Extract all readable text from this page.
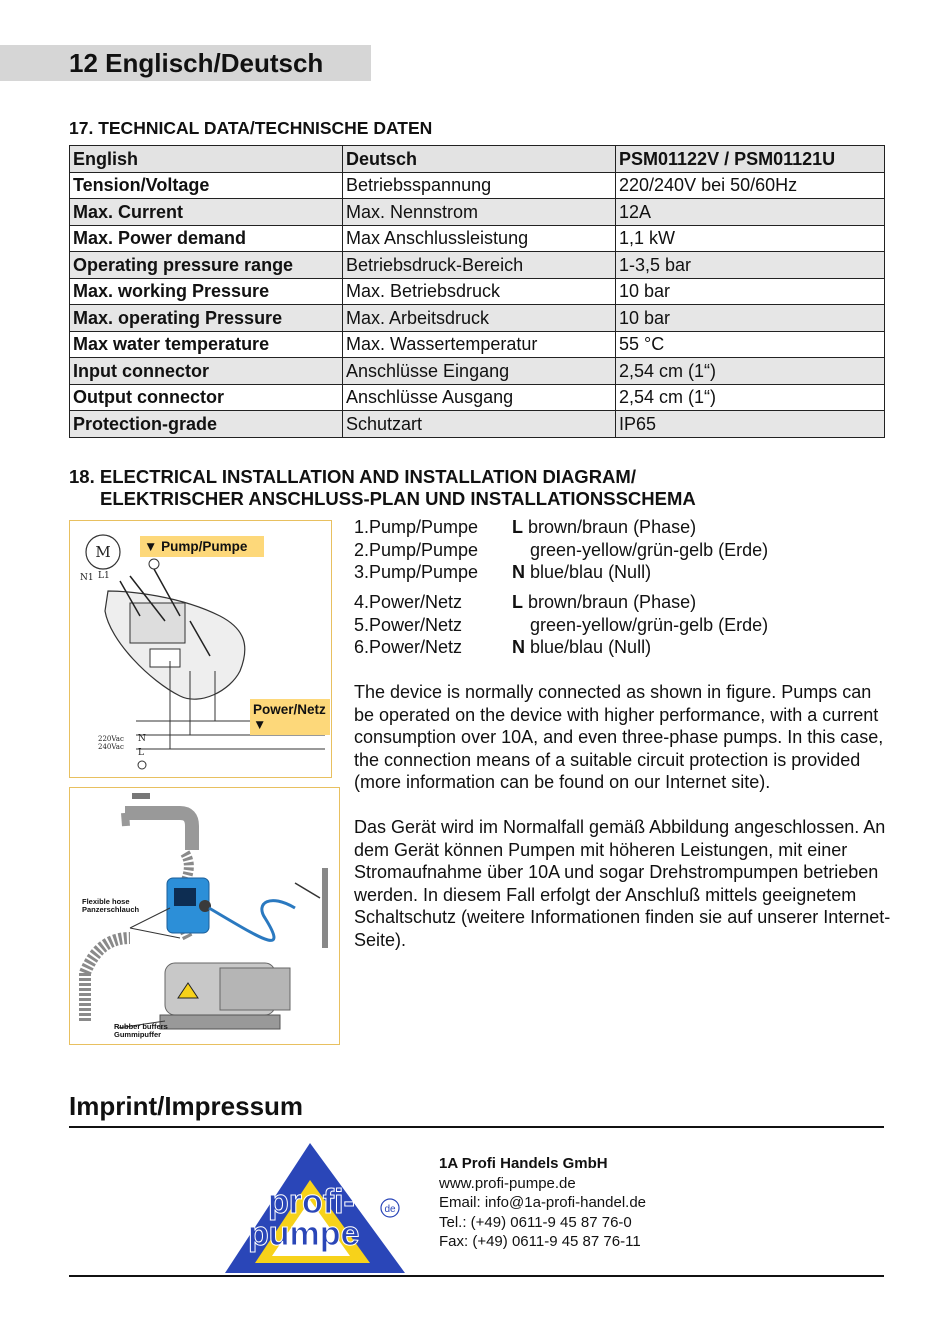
12 Englisch/Deutsch
17. TECHNICAL DATA/TECHNISCHE DATEN
English	Deutsch	PSM01122V / PSM01121U
Tension/Voltage	Betriebsspannung	220/240V bei 50/60Hz
Max. Current	Max. Nennstrom	12A
Max. Power demand	Max Anschlussleistung	1,1 kW
Operating pressure range	Betriebsdruck-Bereich	1-3,5 bar
Max. working Pressure	Max. Betriebsdruck	10 bar
Max. operating Pressure	Max. Arbeitsdruck	10 bar
Max water temperature	Max. Wassertemperatur	55 °C
Input connector	Anschlüsse Eingang	2,54 cm (1“)
Output connector	Anschlüsse Ausgang	2,54 cm (1“)
Protection-grade	Schutzart	IP65
18. ELECTRICAL INSTALLATION AND INSTALLATION DIAGRAM/
ELEKTRISCHER ANSCHLUSS-PLAN UND INSTALLATIONSSCHEMA
M
L1
N1
220Vac
240Vac
N
L
▼ Pump/Pumpe
Power/Netz
▼
Flexible hose
Panzerschlauch
Rubber buffers
Gummipuffer
1.Pump/Pumpe	L brown/braun (Phase)
2.Pump/Pumpe	green-yellow/grün-gelb (Erde)
3.Pump/Pumpe	N blue/blau (Null)
4.Power/Netz	L brown/braun (Phase)
5.Power/Netz	green-yellow/grün-gelb (Erde)
6.Power/Netz	N blue/blau (Null)

The device is normally connected as shown in figure. Pumps can be operated on the device with higher performance, with a current consumption over 10A, and even three-phase pumps. In this case, the connection means of a suitable circuit protection is provided (more information can be found on our Internet site).

Das Gerät wird im Normalfall gemäß Abbildung angeschlossen. An dem Gerät können Pumpen mit höheren Leistungen, mit einer Stromaufnahme über 10A und sogar Drehstrompumpen betrieben werden. In diesem Fall erfolgt der Anschluß mittels geeignetem Schaltschutz (weitere Informationen finden sie auf unserer Internet-Seite).

Imprint/Impressum
profi-
pumpe
de
1A Profi Handels GmbH
www.profi-pumpe.de
Email: info@1a-profi-handel.de
Tel.: (+49) 0611-9 45 87 76-0
Fax: (+49) 0611-9 45 87 76-11
